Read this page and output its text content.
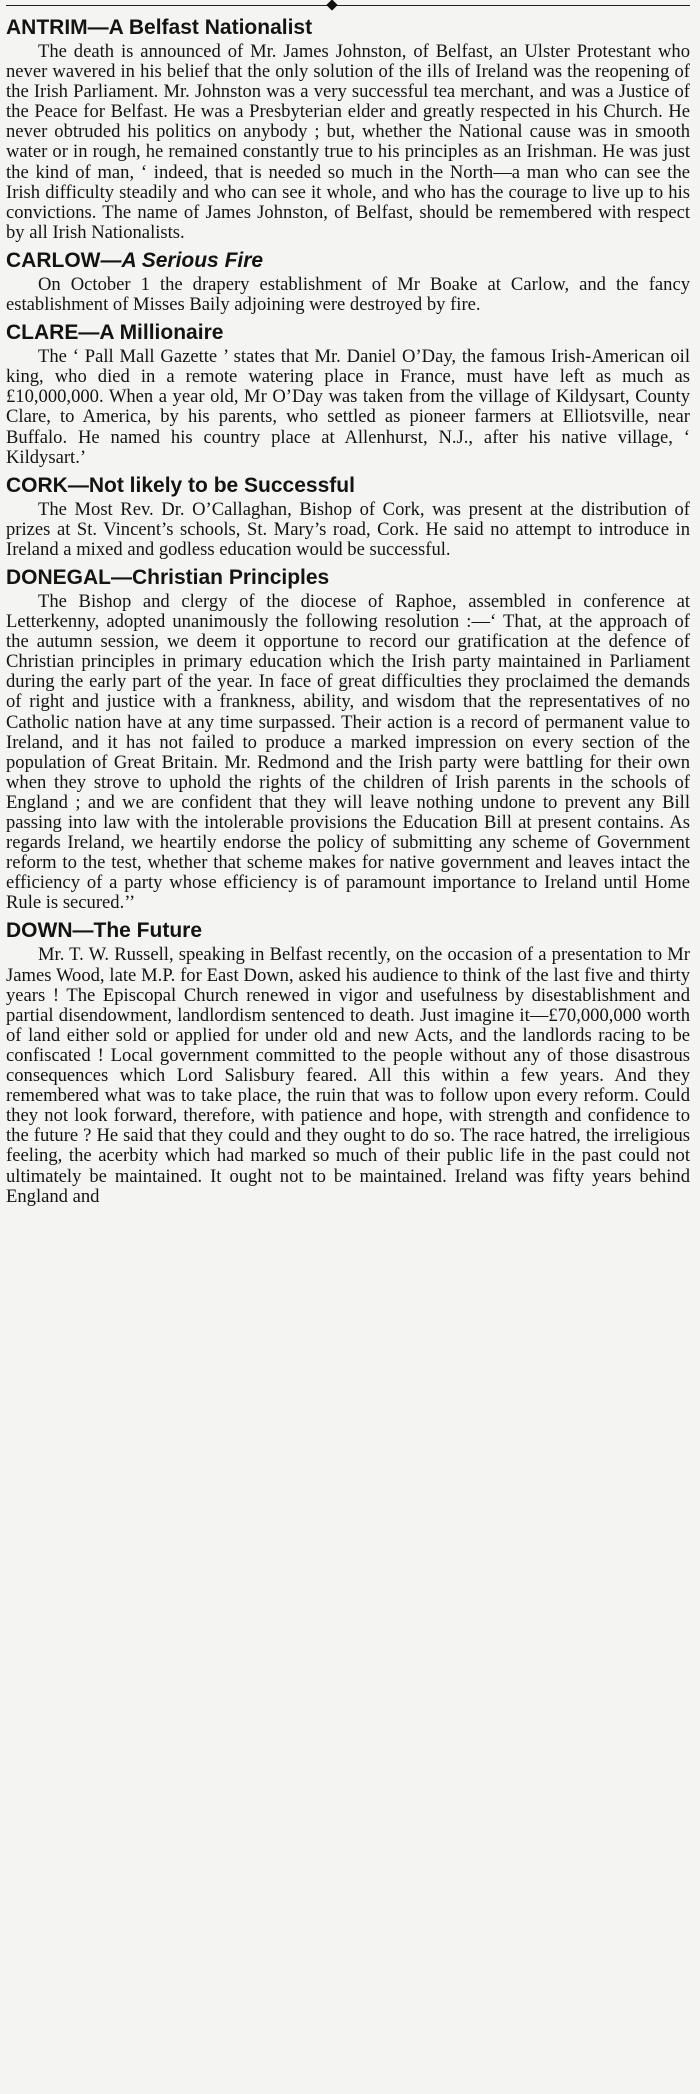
ANTRIM—A Belfast Nationalist

The death is announced of Mr. James Johnston, of Belfast, an Ulster Protestant who never wavered in his belief that the only solution of the ills of Ireland was the reopening of the Irish Parliament. Mr. Johnston was a very successful tea merchant, and was a Justice of the Peace for Belfast. He was a Presbyterian elder and greatly respected in his Church. He never obtruded his politics on anybody ; but, whether the National cause was in smooth water or in rough, he remained constantly true to his principles as an Irishman. He was just the kind of man, ‘ indeed, that is needed so much in the North—a man who can see the Irish difficulty steadily and who can see it whole, and who has the courage to live up to his convictions. The name of James Johnston, of Belfast, should be remembered with respect by all Irish Nationalists.

CARLOW—A Serious Fire

On October 1 the drapery establishment of Mr Boake at Carlow, and the fancy establishment of Misses Baily adjoining were destroyed by fire.

CLARE—A Millionaire

The ‘ Pall Mall Gazette ’ states that Mr. Daniel O’Day, the famous Irish-American oil king, who died in a remote watering place in France, must have left as much as £10,000,000. When a year old, Mr O’Day was taken from the village of Kildysart, County Clare, to America, by his parents, who settled as pioneer farmers at Elliotsville, near Buffalo. He named his country place at Allenhurst, N.J., after his native village, ‘ Kildysart.’

CORK—Not likely to be Successful

The Most Rev. Dr. O’Callaghan, Bishop of Cork, was present at the distribution of prizes at St. Vincent’s schools, St. Mary’s road, Cork. He said no attempt to introduce in Ireland a mixed and godless education would be successful.

DONEGAL—Christian Principles

The Bishop and clergy of the diocese of Raphoe, assembled in conference at Letterkenny, adopted unanimously the following resolution :—‘ That, at the approach of the autumn session, we deem it opportune to record our gratification at the defence of Christian principles in primary education which the Irish party maintained in Parliament during the early part of the year. In face of great difficulties they proclaimed the demands of right and justice with a frankness, ability, and wisdom that the representatives of no Catholic nation have at any time surpassed. Their action is a record of permanent value to Ireland, and it has not failed to produce a marked impression on every section of the population of Great Britain. Mr. Redmond and the Irish party were battling for their own when they strove to uphold the rights of the children of Irish parents in the schools of England ; and we are confident that they will leave nothing undone to prevent any Bill passing into law with the intolerable provisions the Education Bill at present contains. As regards Ireland, we heartily endorse the policy of submitting any scheme of Government reform to the test, whether that scheme makes for native government and leaves intact the efficiency of a party whose efficiency is of paramount importance to Ireland until Home Rule is secured.’’

DOWN—The Future

Mr. T. W. Russell, speaking in Belfast recently, on the occasion of a presentation to Mr James Wood, late M.P. for East Down, asked his audience to think of the last five and thirty years ! The Episcopal Church renewed in vigor and usefulness by disestablishment and partial disendowment, landlordism sentenced to death. Just imagine it—£70,000,000 worth of land either sold or applied for under old and new Acts, and the landlords racing to be confiscated ! Local government committed to the people without any of those disastrous consequences which Lord Salisbury feared. All this within a few years. And they remembered what was to take place, the ruin that was to follow upon every reform. Could they not look forward, therefore, with patience and hope, with strength and confidence to the future ? He said that they could and they ought to do so. The race hatred, the irreligious feeling, the acerbity which had marked so much of their public life in the past could not ultimately be maintained. It ought not to be maintained. Ireland was fifty years behind England and
